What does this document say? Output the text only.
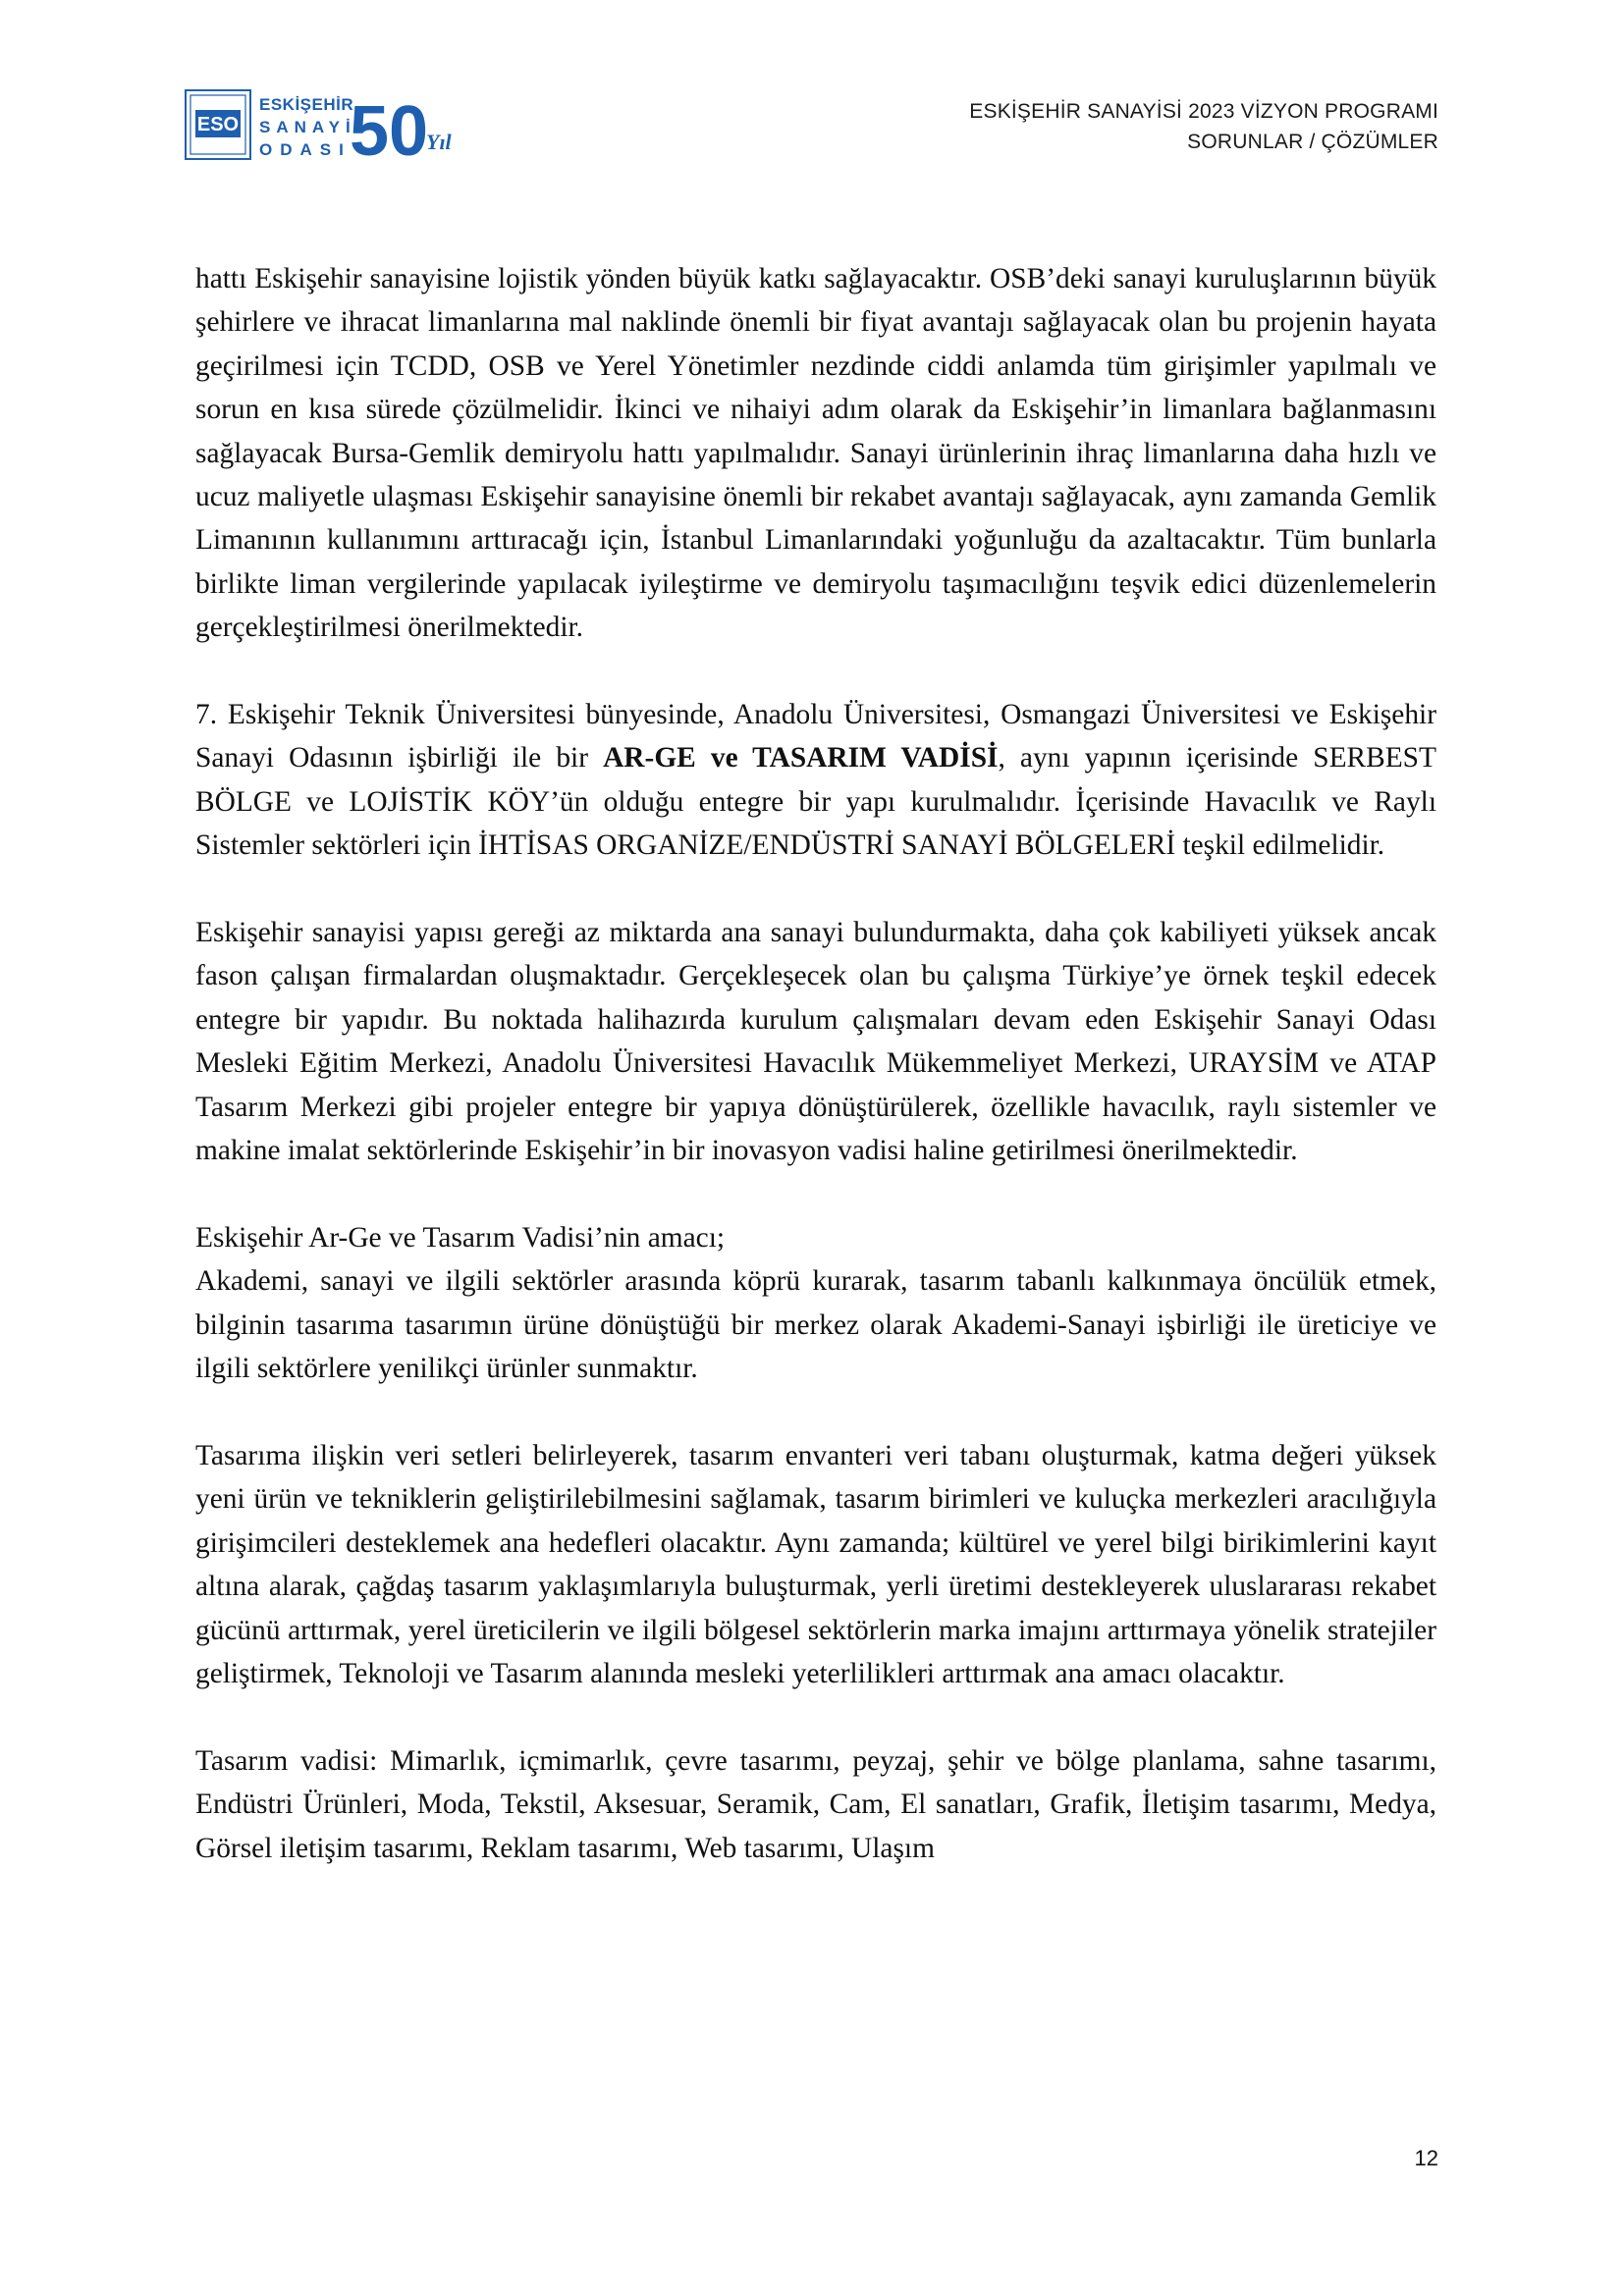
ESO
ESKİŞEHİR
SANAYİ
ODASI
50
Yıl
ESKİŞEHİR SANAYİSİ 2023 VİZYON PROGRAMI
SORUNLAR / ÇÖZÜMLER

hattı Eskişehir sanayisine lojistik yönden büyük katkı sağlayacaktır. OSB’deki sanayi kuruluşlarının büyük şehirlere ve ihracat limanlarına mal naklinde önemli bir fiyat avantajı sağlayacak olan bu projenin hayata geçirilmesi için TCDD, OSB ve Yerel Yönetimler nezdinde ciddi anlamda tüm girişimler yapılmalı ve sorun en kısa sürede çözülmelidir. İkinci ve nihaiyi adım olarak da Eskişehir’in limanlara bağlanmasını sağlayacak Bursa-Gemlik demiryolu hattı yapılmalıdır. Sanayi ürünlerinin ihraç limanlarına daha hızlı ve ucuz maliyetle ulaşması Eskişehir sanayisine önemli bir rekabet avantajı sağlayacak, aynı zamanda Gemlik Limanının kullanımını arttıracağı için, İstanbul Limanlarındaki yoğunluğu da azaltacaktır. Tüm bunlarla birlikte liman vergilerinde yapılacak iyileştirme ve demiryolu taşımacılığını teşvik edici düzenlemelerin gerçekleştirilmesi önerilmektedir.

7. Eskişehir Teknik Üniversitesi bünyesinde, Anadolu Üniversitesi, Osmangazi Üniversitesi ve Eskişehir Sanayi Odasının işbirliği ile bir AR-GE ve TASARIM VADİSİ, aynı yapının içerisinde SERBEST BÖLGE ve LOJİSTİK KÖY’ün olduğu entegre bir yapı kurulmalıdır. İçerisinde Havacılık ve Raylı Sistemler sektörleri için İHTİSAS ORGANİZE/ENDÜSTRİ SANAYİ BÖLGELERİ teşkil edilmelidir.

Eskişehir sanayisi yapısı gereği az miktarda ana sanayi bulundurmakta, daha çok kabiliyeti yüksek ancak fason çalışan firmalardan oluşmaktadır. Gerçekleşecek olan bu çalışma Türkiye’ye örnek teşkil edecek entegre bir yapıdır. Bu noktada halihazırda kurulum çalışmaları devam eden Eskişehir Sanayi Odası Mesleki Eğitim Merkezi, Anadolu Üniversitesi Havacılık Mükemmeliyet Merkezi, URAYSİM ve ATAP Tasarım Merkezi gibi projeler entegre bir yapıya dönüştürülerek, özellikle havacılık, raylı sistemler ve makine imalat sektörlerinde Eskişehir’in bir inovasyon vadisi haline getirilmesi önerilmektedir.

Eskişehir Ar-Ge ve Tasarım Vadisi’nin amacı;

Akademi, sanayi ve ilgili sektörler arasında köprü kurarak, tasarım tabanlı kalkınmaya öncülük etmek, bilginin tasarıma tasarımın ürüne dönüştüğü bir merkez olarak Akademi-Sanayi işbirliği ile üreticiye ve ilgili sektörlere yenilikçi ürünler sunmaktır.

Tasarıma ilişkin veri setleri belirleyerek, tasarım envanteri veri tabanı oluşturmak, katma değeri yüksek yeni ürün ve tekniklerin geliştirilebilmesini sağlamak, tasarım birimleri ve kuluçka merkezleri aracılığıyla girişimcileri desteklemek ana hedefleri olacaktır. Aynı zamanda; kültürel ve yerel bilgi birikimlerini kayıt altına alarak, çağdaş tasarım yaklaşımlarıyla buluşturmak, yerli üretimi destekleyerek uluslararası rekabet gücünü arttırmak, yerel üreticilerin ve ilgili bölgesel sektörlerin marka imajını arttırmaya yönelik stratejiler geliştirmek, Teknoloji ve Tasarım alanında mesleki yeterlilikleri arttırmak ana amacı olacaktır.

Tasarım vadisi: Mimarlık, içmimarlık, çevre tasarımı, peyzaj, şehir ve bölge planlama, sahne tasarımı, Endüstri Ürünleri, Moda, Tekstil, Aksesuar, Seramik, Cam, El sanatları, Grafik, İletişim tasarımı, Medya, Görsel iletişim tasarımı, Reklam tasarımı, Web tasarımı, Ulaşım

12
